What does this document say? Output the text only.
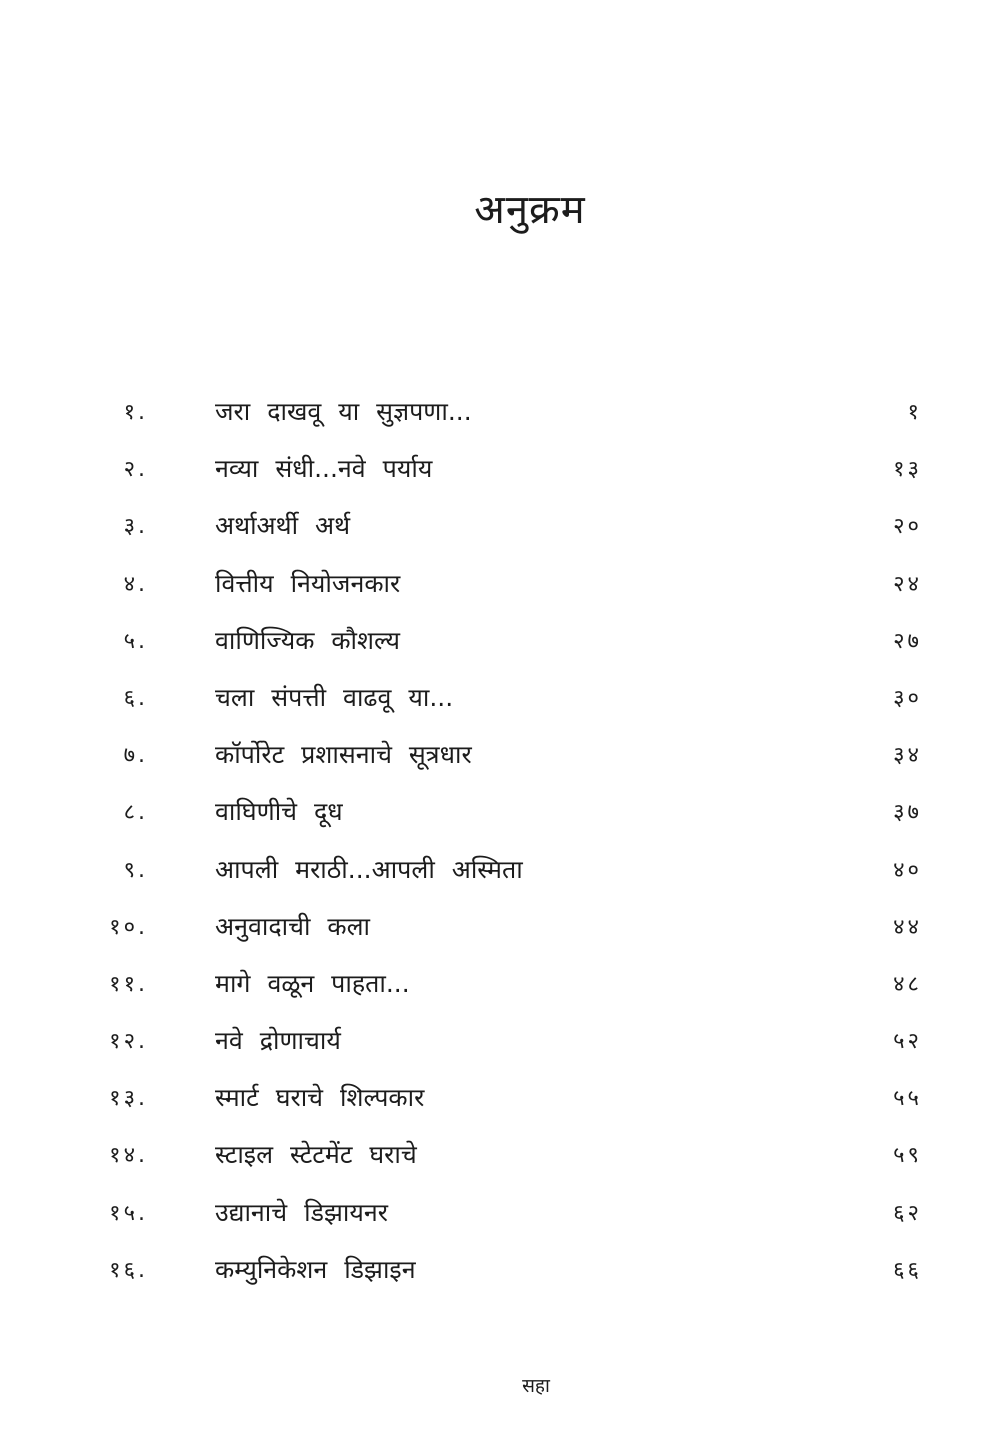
अनुक्रम
१.	जरा दाखवू या सुज्ञपणा...	१
२.	नव्या संधी...नवे पर्याय	१३
३.	अर्थाअर्थी अर्थ	२०
४.	वित्तीय नियोजनकार	२४
५.	वाणिज्यिक कौशल्य	२७
६.	चला संपत्ती वाढवू या...	३०
७.	कॉर्पोरेट प्रशासनाचे सूत्रधार	३४
८.	वाघिणीचे दूध	३७
९.	आपली मराठी...आपली अस्मिता	४०
१०.	अनुवादाची कला	४४
११.	मागे वळून पाहता...	४८
१२.	नवे द्रोणाचार्य	५२
१३.	स्मार्ट घराचे शिल्पकार	५५
१४.	स्टाइल स्टेटमेंट घराचे	५९
१५.	उद्यानाचे डिझायनर	६२
१६.	कम्युनिकेशन डिझाइन	६६
सहा
